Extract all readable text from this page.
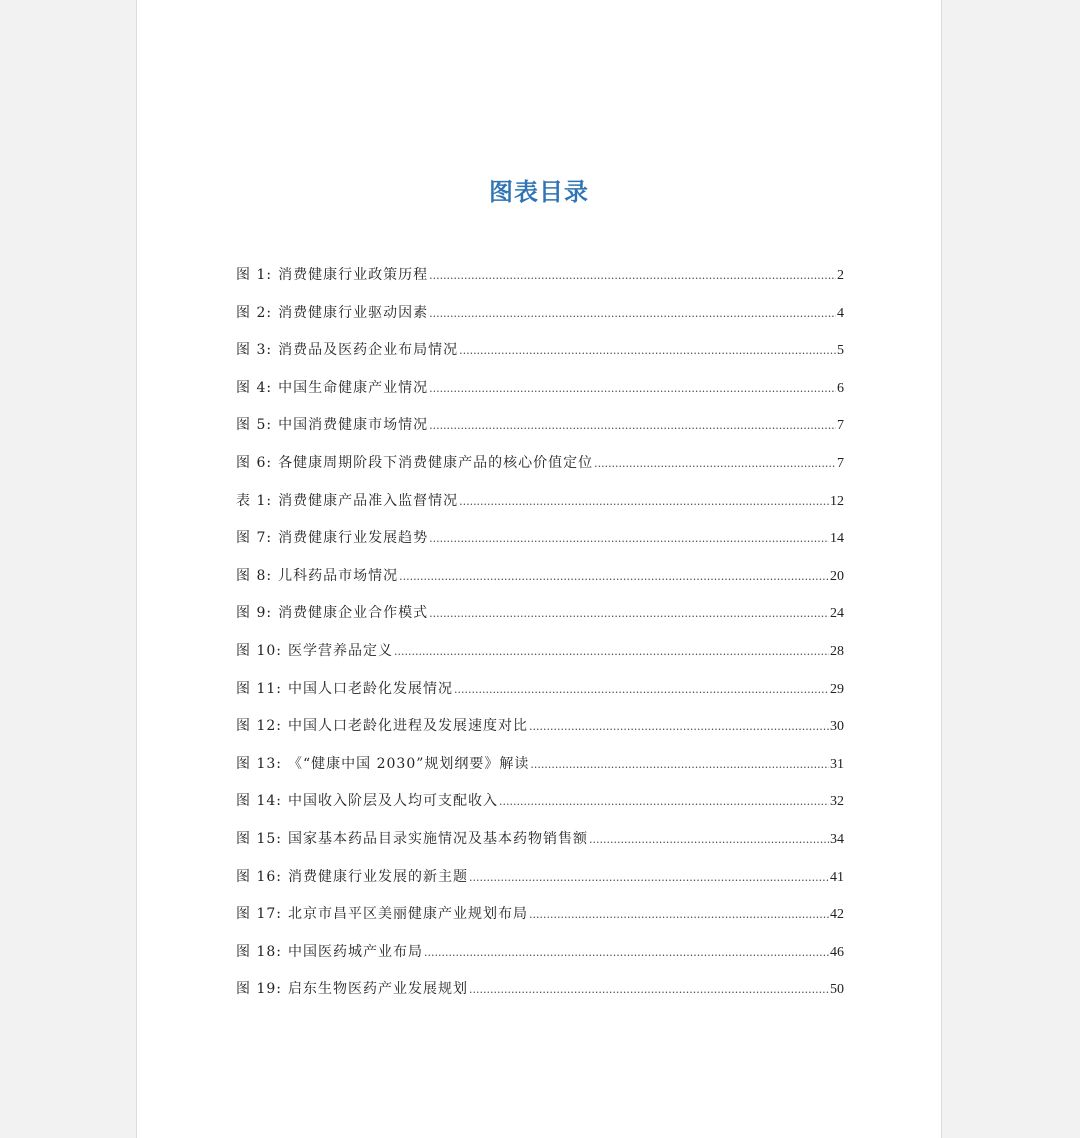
图表目录
图 1: 消费健康行业政策历程 .....	2
图 2: 消费健康行业驱动因素 .....	4
图 3: 消费品及医药企业布局情况 .....	5
图 4: 中国生命健康产业情况 .....	6
图 5: 中国消费健康市场情况 .....	7
图 6: 各健康周期阶段下消费健康产品的核心价值定位 .....	7
表 1: 消费健康产品准入监督情况 .....	12
图 7: 消费健康行业发展趋势 .....	14
图 8: 儿科药品市场情况 .....	20
图 9: 消费健康企业合作模式 .....	24
图 10: 医学营养品定义 .....	28
图 11: 中国人口老龄化发展情况 .....	29
图 12: 中国人口老龄化进程及发展速度对比 .....	30
图 13: 《“健康中国 2030”规划纲要》解读 .....	31
图 14: 中国收入阶层及人均可支配收入 .....	32
图 15: 国家基本药品目录实施情况及基本药物销售额 .....	34
图 16: 消费健康行业发展的新主题 .....	41
图 17: 北京市昌平区美丽健康产业规划布局 .....	42
图 18: 中国医药城产业布局 .....	46
图 19: 启东生物医药产业发展规划 .....	50
